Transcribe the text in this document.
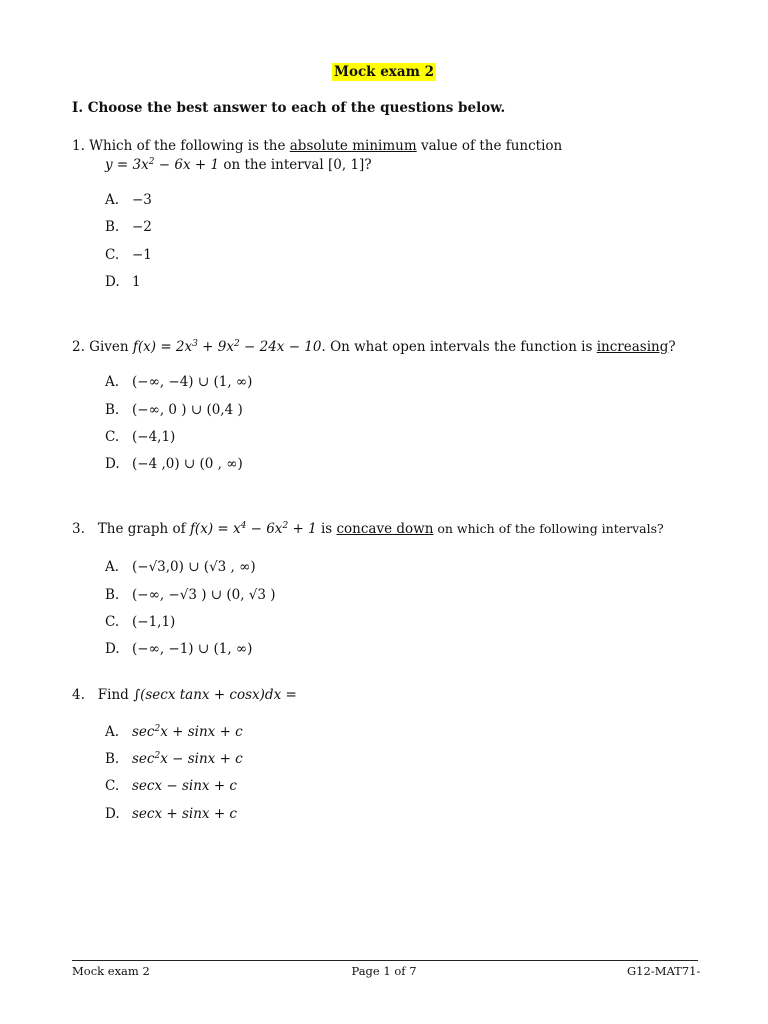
Mock exam 2
I. Choose the best answer to each of the questions below.
1. Which of the following is the absolute minimum value of the function
$y = 3x^2 - 6x + 1$ on the interval [0, 1]?
A. −3
B. −2
C. −1
D. 1
2. Given $f(x) = 2x^3 + 9x^2 - 24x - 10$. On what open intervals the function is increasing?
A. (−∞, −4) ∪ (1, ∞)
B. (−∞, 0 ) ∪ (0,4 )
C. (−4,1)
D. (−4 ,0) ∪ (0 , ∞)
3. The graph of $f(x) = x^4 - 6x^2 + 1$ is concave down on which of the following intervals?
A. (−√3,0) ∪ (√3 , ∞)
B. (−∞, −√3 ) ∪ (0, √3 )
C. (−1,1)
D. (−∞, −1) ∪ (1, ∞)
4. Find ∫(secx tanx + cosx)dx =
A. $\sec^2x + \sin x + c$
B. $\sec^2x - \sin x + c$
C. secx − sinx + c
D. secx + sinx + c
Mock exam 2	Page 1 of 7	G12-MAT71-
